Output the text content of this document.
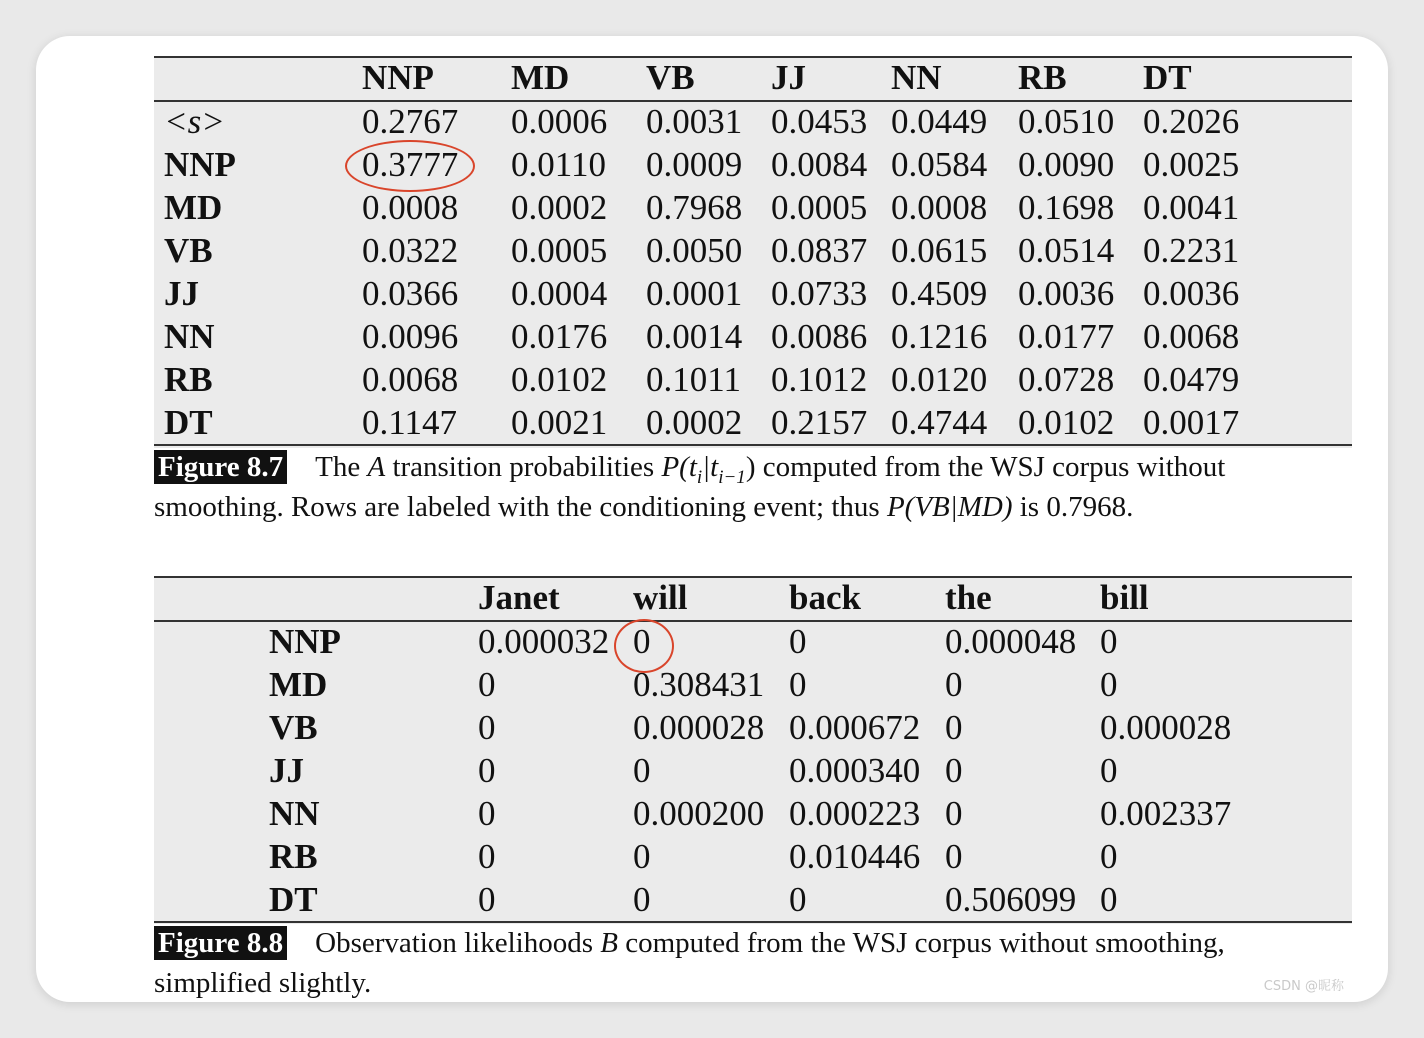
NNP MD VB JJ NN RB DT
<s>	0.2767 0.0006 0.0031 0.0453 0.0449 0.0510 0.2026
NNP	0.3777 0.0110 0.0009 0.0084 0.0584 0.0090 0.0025
MD	0.0008 0.0002 0.7968 0.0005 0.0008 0.1698 0.0041
VB	0.0322 0.0005 0.0050 0.0837 0.0615 0.0514 0.2231
JJ	0.0366 0.0004 0.0001 0.0733 0.4509 0.0036 0.0036
NN	0.0096 0.0176 0.0014 0.0086 0.1216 0.0177 0.0068
RB	0.0068 0.0102 0.1011 0.1012 0.0120 0.0728 0.0479
DT	0.1147 0.0021 0.0002 0.2157 0.4744 0.0102 0.0017
Figure 8.7 The A transition probabilities $P(t_i|t_{i-1})$ computed from the WSJ corpus without
smoothing. Rows are labeled with the conditioning event; thus P(VB|MD) is 0.7968.
Janet will	back the	bill
NNP	0.000032 0	0	0.000048 0
MD	0	0.308431 0	0	0
VB	0	0.000028 0.000672 0	0.000028
JJ	0	0	0.000340 0	0
NN	0	0.000200 0.000223 0	0.002337
RB	0	0	0.010446 0	0
DT	0	0	0	0.506099 0
Figure 8.8 Observation likelihoods B computed from the WSJ corpus without smoothing,
simplified slightly.	CSDN @昵称
